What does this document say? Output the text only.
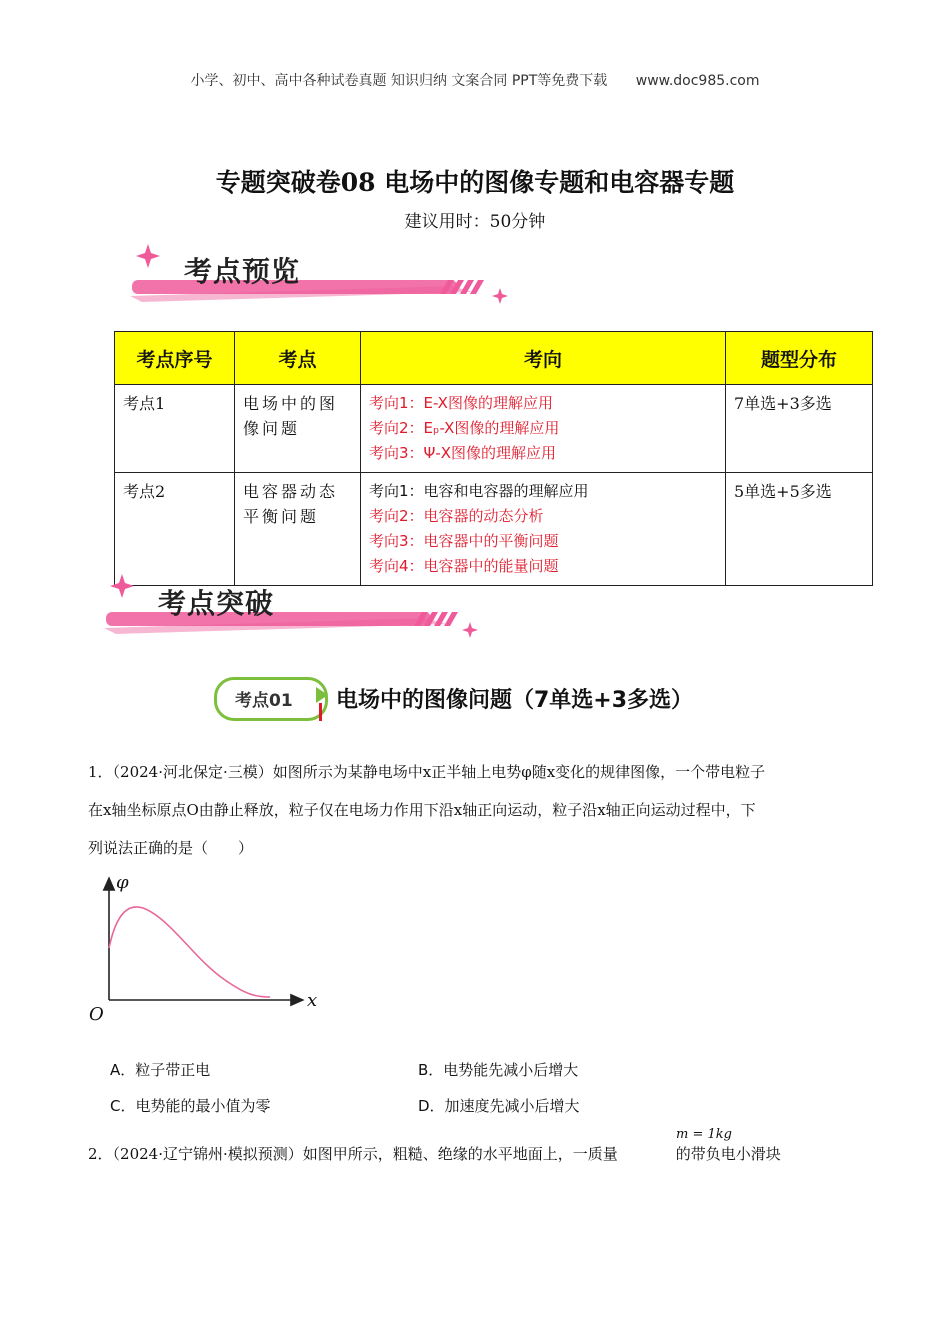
小学、初中、高中各种试卷真题 知识归纳 文案合同 PPT等免费下载 www.doc985.com
专题突破卷08 电场中的图像专题和电容器专题
建议用时：50分钟
考点预览
考点序号	考点	考向	题型分布
考点1	电场中的图像问题	考向1：E-X图像的理解应用
考向2：Eₚ-X图像的理解应用
考向3：Ψ-X图像的理解应用	7单选+3多选
考点2	电容器动态平衡问题	考向1：电容和电容器的理解应用
考向2：电容器的动态分析
考向3：电容器中的平衡问题
考向4：电容器中的能量问题	5单选+5多选
考点突破
考点01 电场中的图像问题（7单选+3多选）
1．（2024·河北保定·三模）如图所示为某静电场中x正半轴上电势φ随x变化的规律图像，一个带电粒子
在x轴坐标原点O由静止释放，粒子仅在电场力作用下沿x轴正向运动，粒子沿x轴正向运动过程中，下
列说法正确的是（　　）
φ
x
O
A．粒子带正电	B．电势能先减小后增大
C．电势能的最小值为零	D．加速度先减小后增大
m = 1kg
2．（2024·辽宁锦州·模拟预测）如图甲所示，粗糙、绝缘的水平地面上，一质量	的带负电小滑块
